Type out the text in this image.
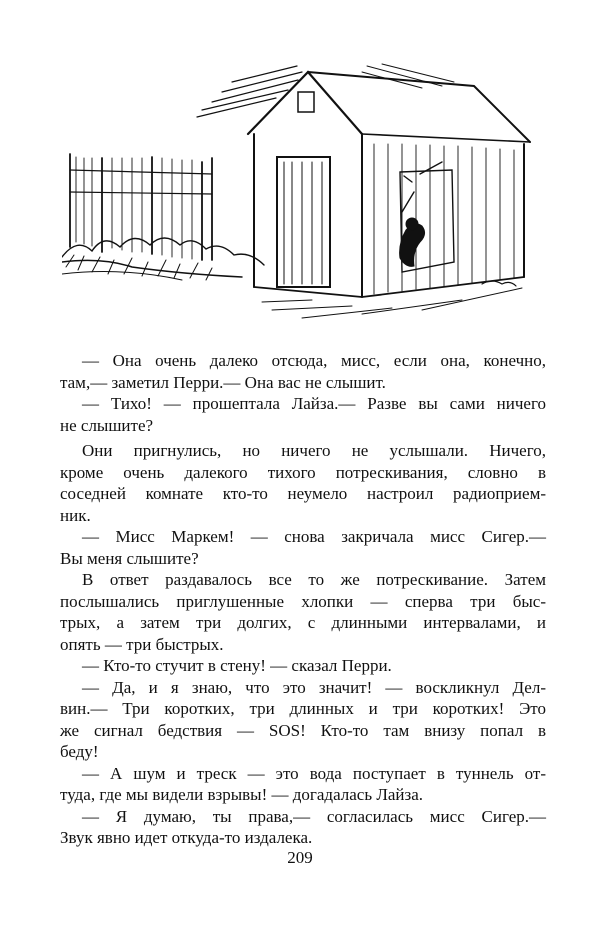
— Она очень далеко отсюда, мисс, если она, конечно,
там,— заметил Перри.— Она вас не слышит.
— Тихо! — прошептала Лайза.— Разве вы сами ничего
не слышите?
Они пригнулись, но ничего не услышали. Ничего,
кроме очень далекого тихого потрескивания, словно в
соседней комнате кто-то неумело настроил радиоприем-
ник.
— Мисс Маркем! — снова закричала мисс Сигер.—
Вы меня слышите?
В ответ раздавалось все то же потрескивание. Затем
послышались приглушенные хлопки — сперва три быс-
трых, а затем три долгих, с длинными интервалами, и
опять — три быстрых.
— Кто-то стучит в стену! — сказал Перри.
— Да, и я знаю, что это значит! — воскликнул Дел-
вин.— Три коротких, три длинных и три коротких! Это
же сигнал бедствия — SOS! Кто-то там внизу попал в
беду!
— А шум и треск — это вода поступает в туннель от-
туда, где мы видели взрывы! — догадалась Лайза.
— Я думаю, ты права,— согласилась мисс Сигер.—
Звук явно идет откуда-то издалека.
209
